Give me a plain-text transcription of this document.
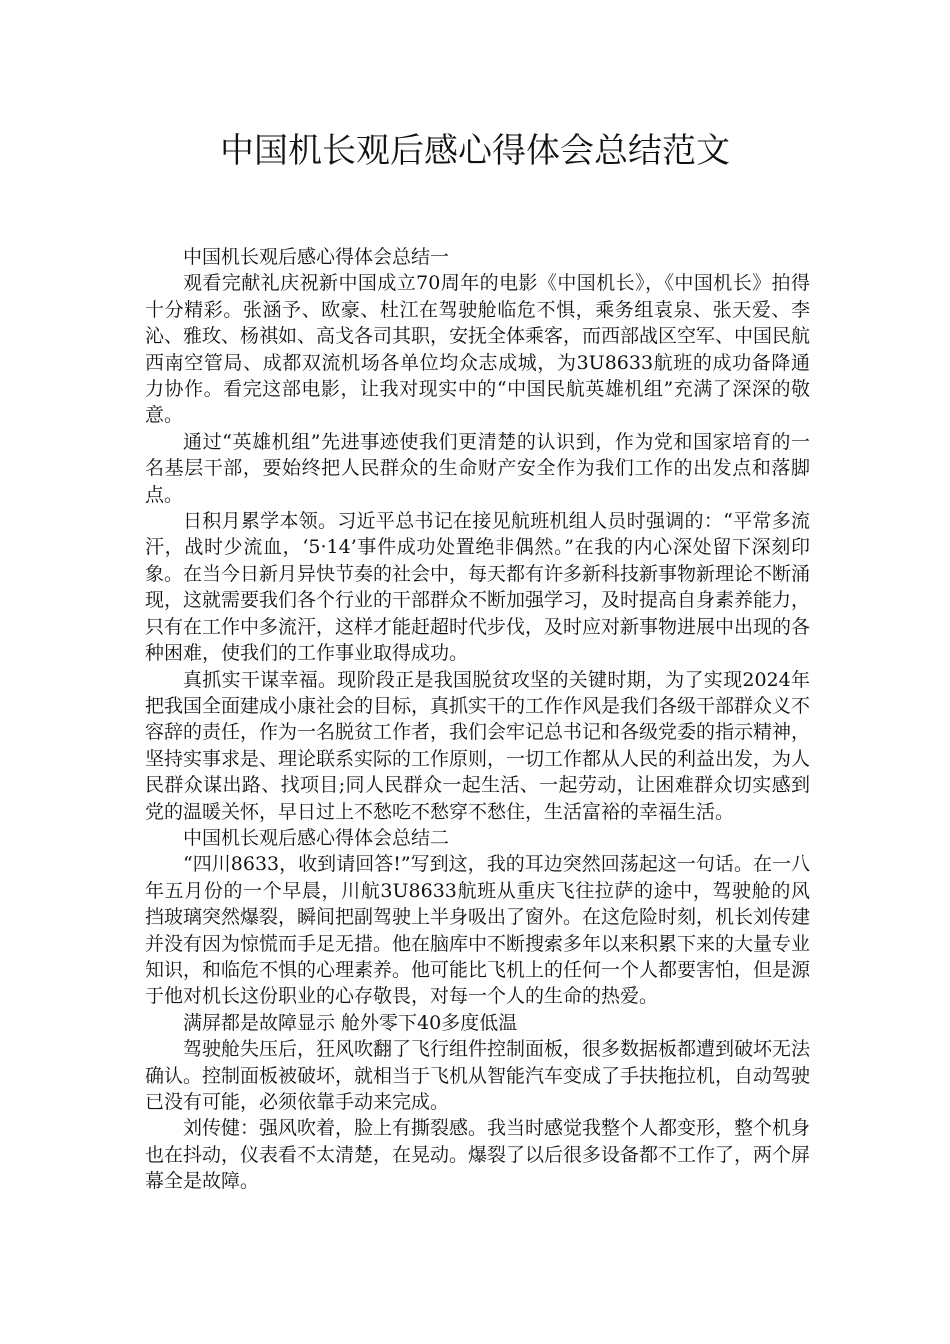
中国机长观后感心得体会总结范文

中国机长观后感心得体会总结一

观看完献礼庆祝新中国成立70周年的电影《中国机长》，《中国机长》拍得十分精彩。张涵予、欧豪、杜江在驾驶舱临危不惧，乘务组袁泉、张天爱、李沁、雅玫、杨祺如、高戈各司其职，安抚全体乘客，而西部战区空军、中国民航西南空管局、成都双流机场各单位均众志成城，为3U8633航班的成功备降通力协作。看完这部电影，让我对现实中的“中国民航英雄机组”充满了深深的敬意。

通过“英雄机组”先进事迹使我们更清楚的认识到，作为党和国家培育的一名基层干部，要始终把人民群众的生命财产安全作为我们工作的出发点和落脚点。

日积月累学本领。习近平总书记在接见航班机组人员时强调的：“平常多流汗，战时少流血，‘5·14’事件成功处置绝非偶然。”在我的内心深处留下深刻印象。在当今日新月异快节奏的社会中，每天都有许多新科技新事物新理论不断涌现，这就需要我们各个行业的干部群众不断加强学习，及时提高自身素养能力，只有在工作中多流汗，这样才能赶超时代步伐，及时应对新事物进展中出现的各种困难，使我们的工作事业取得成功。

真抓实干谋幸福。现阶段正是我国脱贫攻坚的关键时期，为了实现2024年把我国全面建成小康社会的目标，真抓实干的工作作风是我们各级干部群众义不容辞的责任，作为一名脱贫工作者，我们会牢记总书记和各级党委的指示精神，坚持实事求是、理论联系实际的工作原则，一切工作都从人民的利益出发，为人民群众谋出路、找项目;同人民群众一起生活、一起劳动，让困难群众切实感到党的温暖关怀，早日过上不愁吃不愁穿不愁住，生活富裕的幸福生活。

中国机长观后感心得体会总结二

“四川8633，收到请回答!”写到这，我的耳边突然回荡起这一句话。在一八年五月份的一个早晨，川航3U8633航班从重庆飞往拉萨的途中，驾驶舱的风挡玻璃突然爆裂，瞬间把副驾驶上半身吸出了窗外。在这危险时刻，机长刘传建并没有因为惊慌而手足无措。他在脑库中不断搜索多年以来积累下来的大量专业知识，和临危不惧的心理素养。他可能比飞机上的任何一个人都要害怕，但是源于他对机长这份职业的心存敬畏，对每一个人的生命的热爱。

满屏都是故障显示 舱外零下40多度低温

驾驶舱失压后，狂风吹翻了飞行组件控制面板，很多数据板都遭到破坏无法确认。控制面板被破坏，就相当于飞机从智能汽车变成了手扶拖拉机，自动驾驶已没有可能，必须依靠手动来完成。

刘传健：强风吹着，脸上有撕裂感。我当时感觉我整个人都变形，整个机身也在抖动，仪表看不太清楚，在晃动。爆裂了以后很多设备都不工作了，两个屏幕全是故障。
